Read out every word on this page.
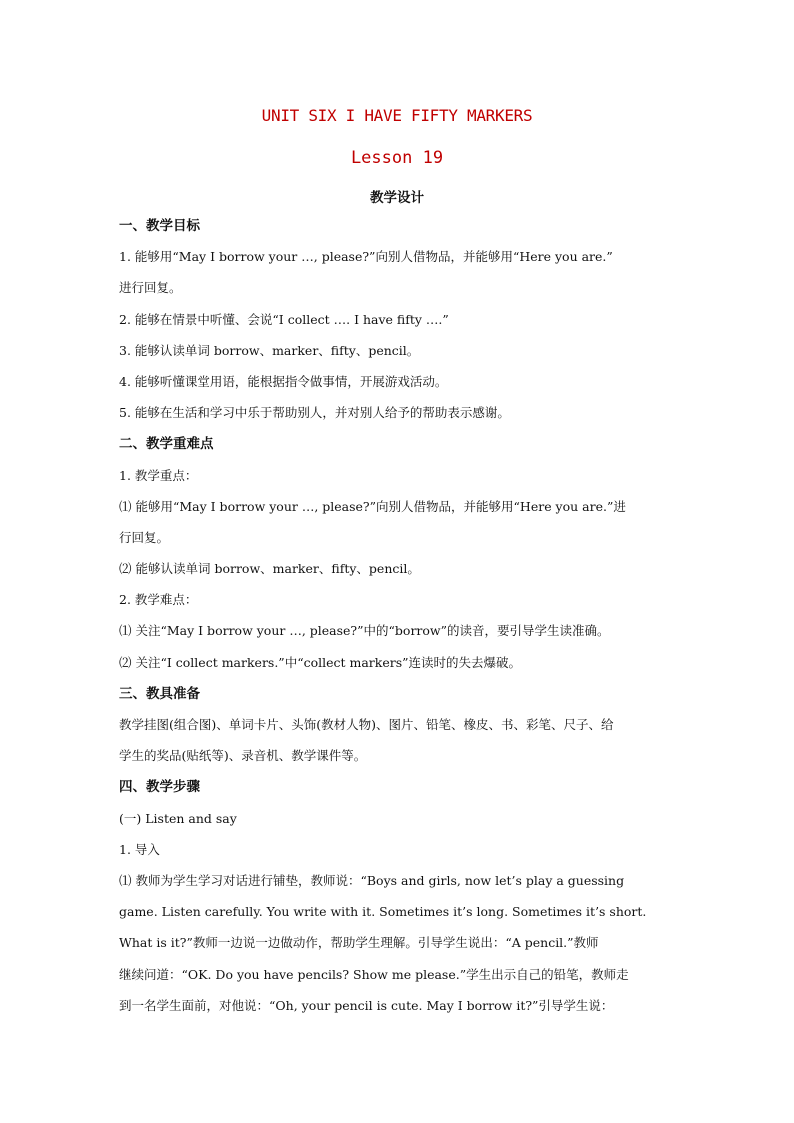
UNIT SIX I HAVE FIFTY MARKERS
Lesson 19
教学设计
一、教学目标
1. 能够用“May I borrow your …, please?”向别人借物品，并能够用“Here you are.”
进行回复。
2. 能够在情景中听懂、会说“I collect …. I have fifty ….”
3. 能够认读单词 borrow、marker、fifty、pencil。
4. 能够听懂课堂用语，能根据指令做事情，开展游戏活动。
5. 能够在生活和学习中乐于帮助别人，并对别人给予的帮助表示感谢。
二、教学重难点
1. 教学重点：
⑴ 能够用“May I borrow your …, please?”向别人借物品，并能够用“Here you are.”进
行回复。
⑵ 能够认读单词 borrow、marker、fifty、pencil。
2. 教学难点：
⑴ 关注“May I borrow your …, please?”中的“borrow”的读音，要引导学生读准确。
⑵ 关注“I collect markers.”中“collect markers”连读时的失去爆破。
三、教具准备
教学挂图(组合图)、单词卡片、头饰(教材人物)、图片、铅笔、橡皮、书、彩笔、尺子、给
学生的奖品(贴纸等)、录音机、教学课件等。
四、教学步骤
(一) Listen and say
1. 导入
⑴ 教师为学生学习对话进行铺垫，教师说：“Boys and girls, now let’s play a guessing
game. Listen carefully. You write with it. Sometimes it’s long. Sometimes it’s short.
What is it?”教师一边说一边做动作，帮助学生理解。引导学生说出：“A pencil.”教师
继续问道：“OK. Do you have pencils? Show me please.”学生出示自己的铅笔，教师走
到一名学生面前，对他说：“Oh, your pencil is cute. May I borrow it?”引导学生说：
